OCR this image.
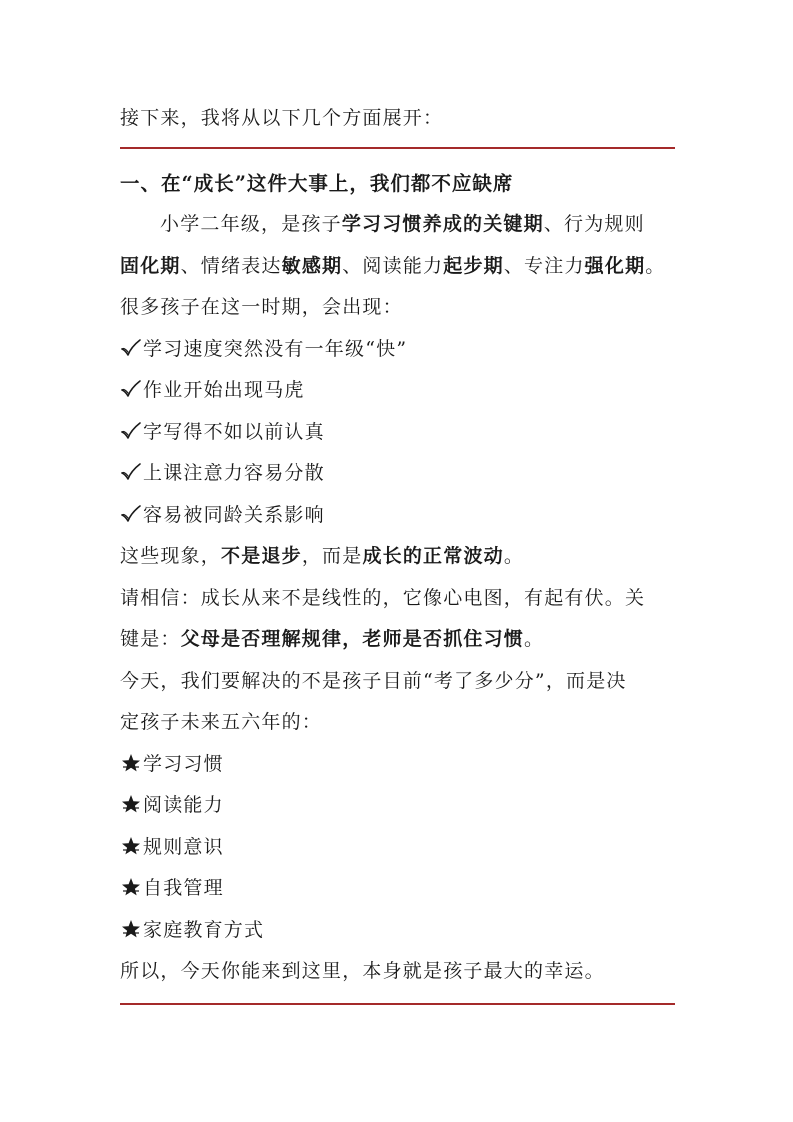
接下来，我将从以下几个方面展开：
一、在“成长”这件大事上，我们都不应缺席
小学二年级，是孩子学习习惯养成的关键期、行为规则
固化期、情绪表达敏感期、阅读能力起步期、专注力强化期。
很多孩子在这一时期，会出现：
学习速度突然没有一年级“快”
作业开始出现马虎
字写得不如以前认真
上课注意力容易分散
容易被同龄关系影响
这些现象，不是退步，而是成长的正常波动。
请相信：成长从来不是线性的，它像心电图，有起有伏。关
键是：父母是否理解规律，老师是否抓住习惯。
今天，我们要解决的不是孩子目前“考了多少分”，而是决
定孩子未来五六年的：
学习习惯
阅读能力
规则意识
自我管理
家庭教育方式
所以，今天你能来到这里，本身就是孩子最大的幸运。
